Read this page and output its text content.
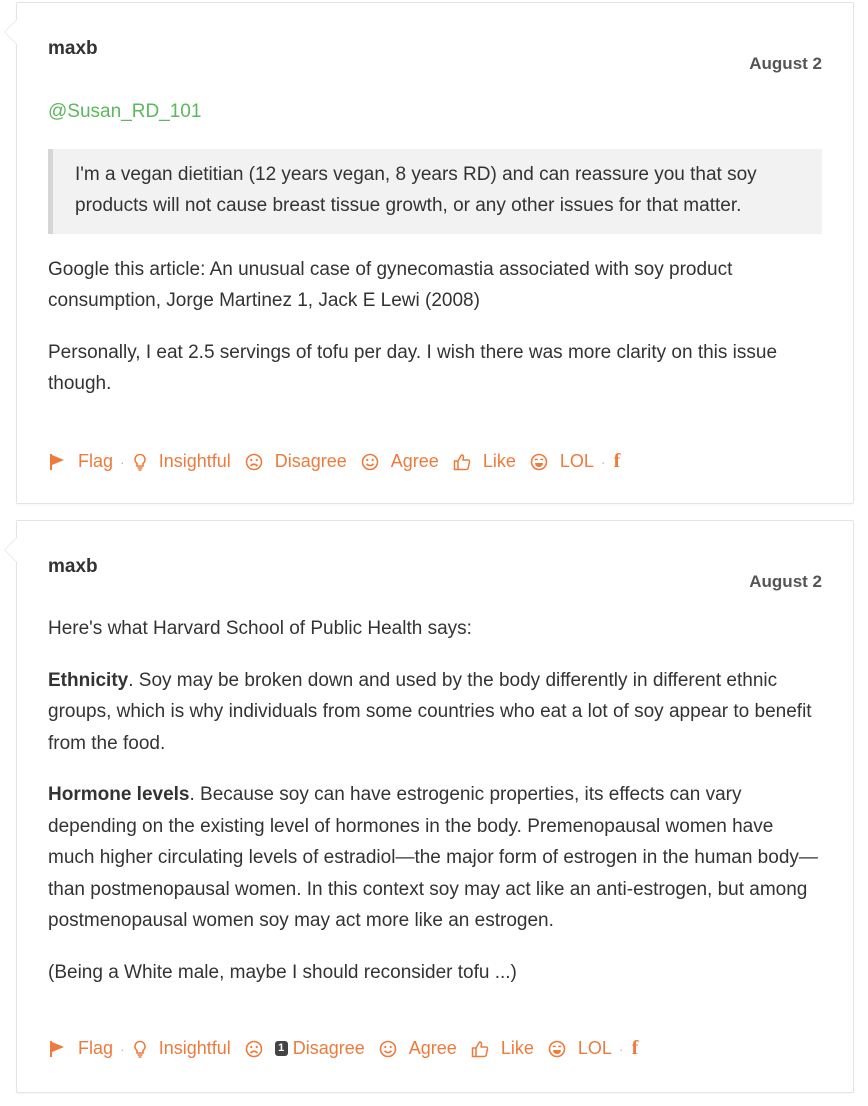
maxb
August 2

@Susan_RD_101

I'm a vegan dietitian (12 years vegan, 8 years RD) and can reassure you that soy products will not cause breast tissue growth, or any other issues for that matter.

Google this article: An unusual case of gynecomastia associated with soy product consumption, Jorge Martinez 1, Jack E Lewi (2008)

Personally, I eat 2.5 servings of tofu per day. I wish there was more clarity on this issue though.

Flag · Insightful Disagree Agree Like LOL · f
maxb
August 2

Here's what Harvard School of Public Health says:

Ethnicity. Soy may be broken down and used by the body differently in different ethnic groups, which is why individuals from some countries who eat a lot of soy appear to benefit from the food.

Hormone levels. Because soy can have estrogenic properties, its effects can vary depending on the existing level of hormones in the body. Premenopausal women have much higher circulating levels of estradiol—the major form of estrogen in the human body—than postmenopausal women. In this context soy may act like an anti-estrogen, but among postmenopausal women soy may act more like an estrogen.

(Being a White male, maybe I should reconsider tofu ...)

Flag · Insightful	1 Disagree Agree Like LOL · f
